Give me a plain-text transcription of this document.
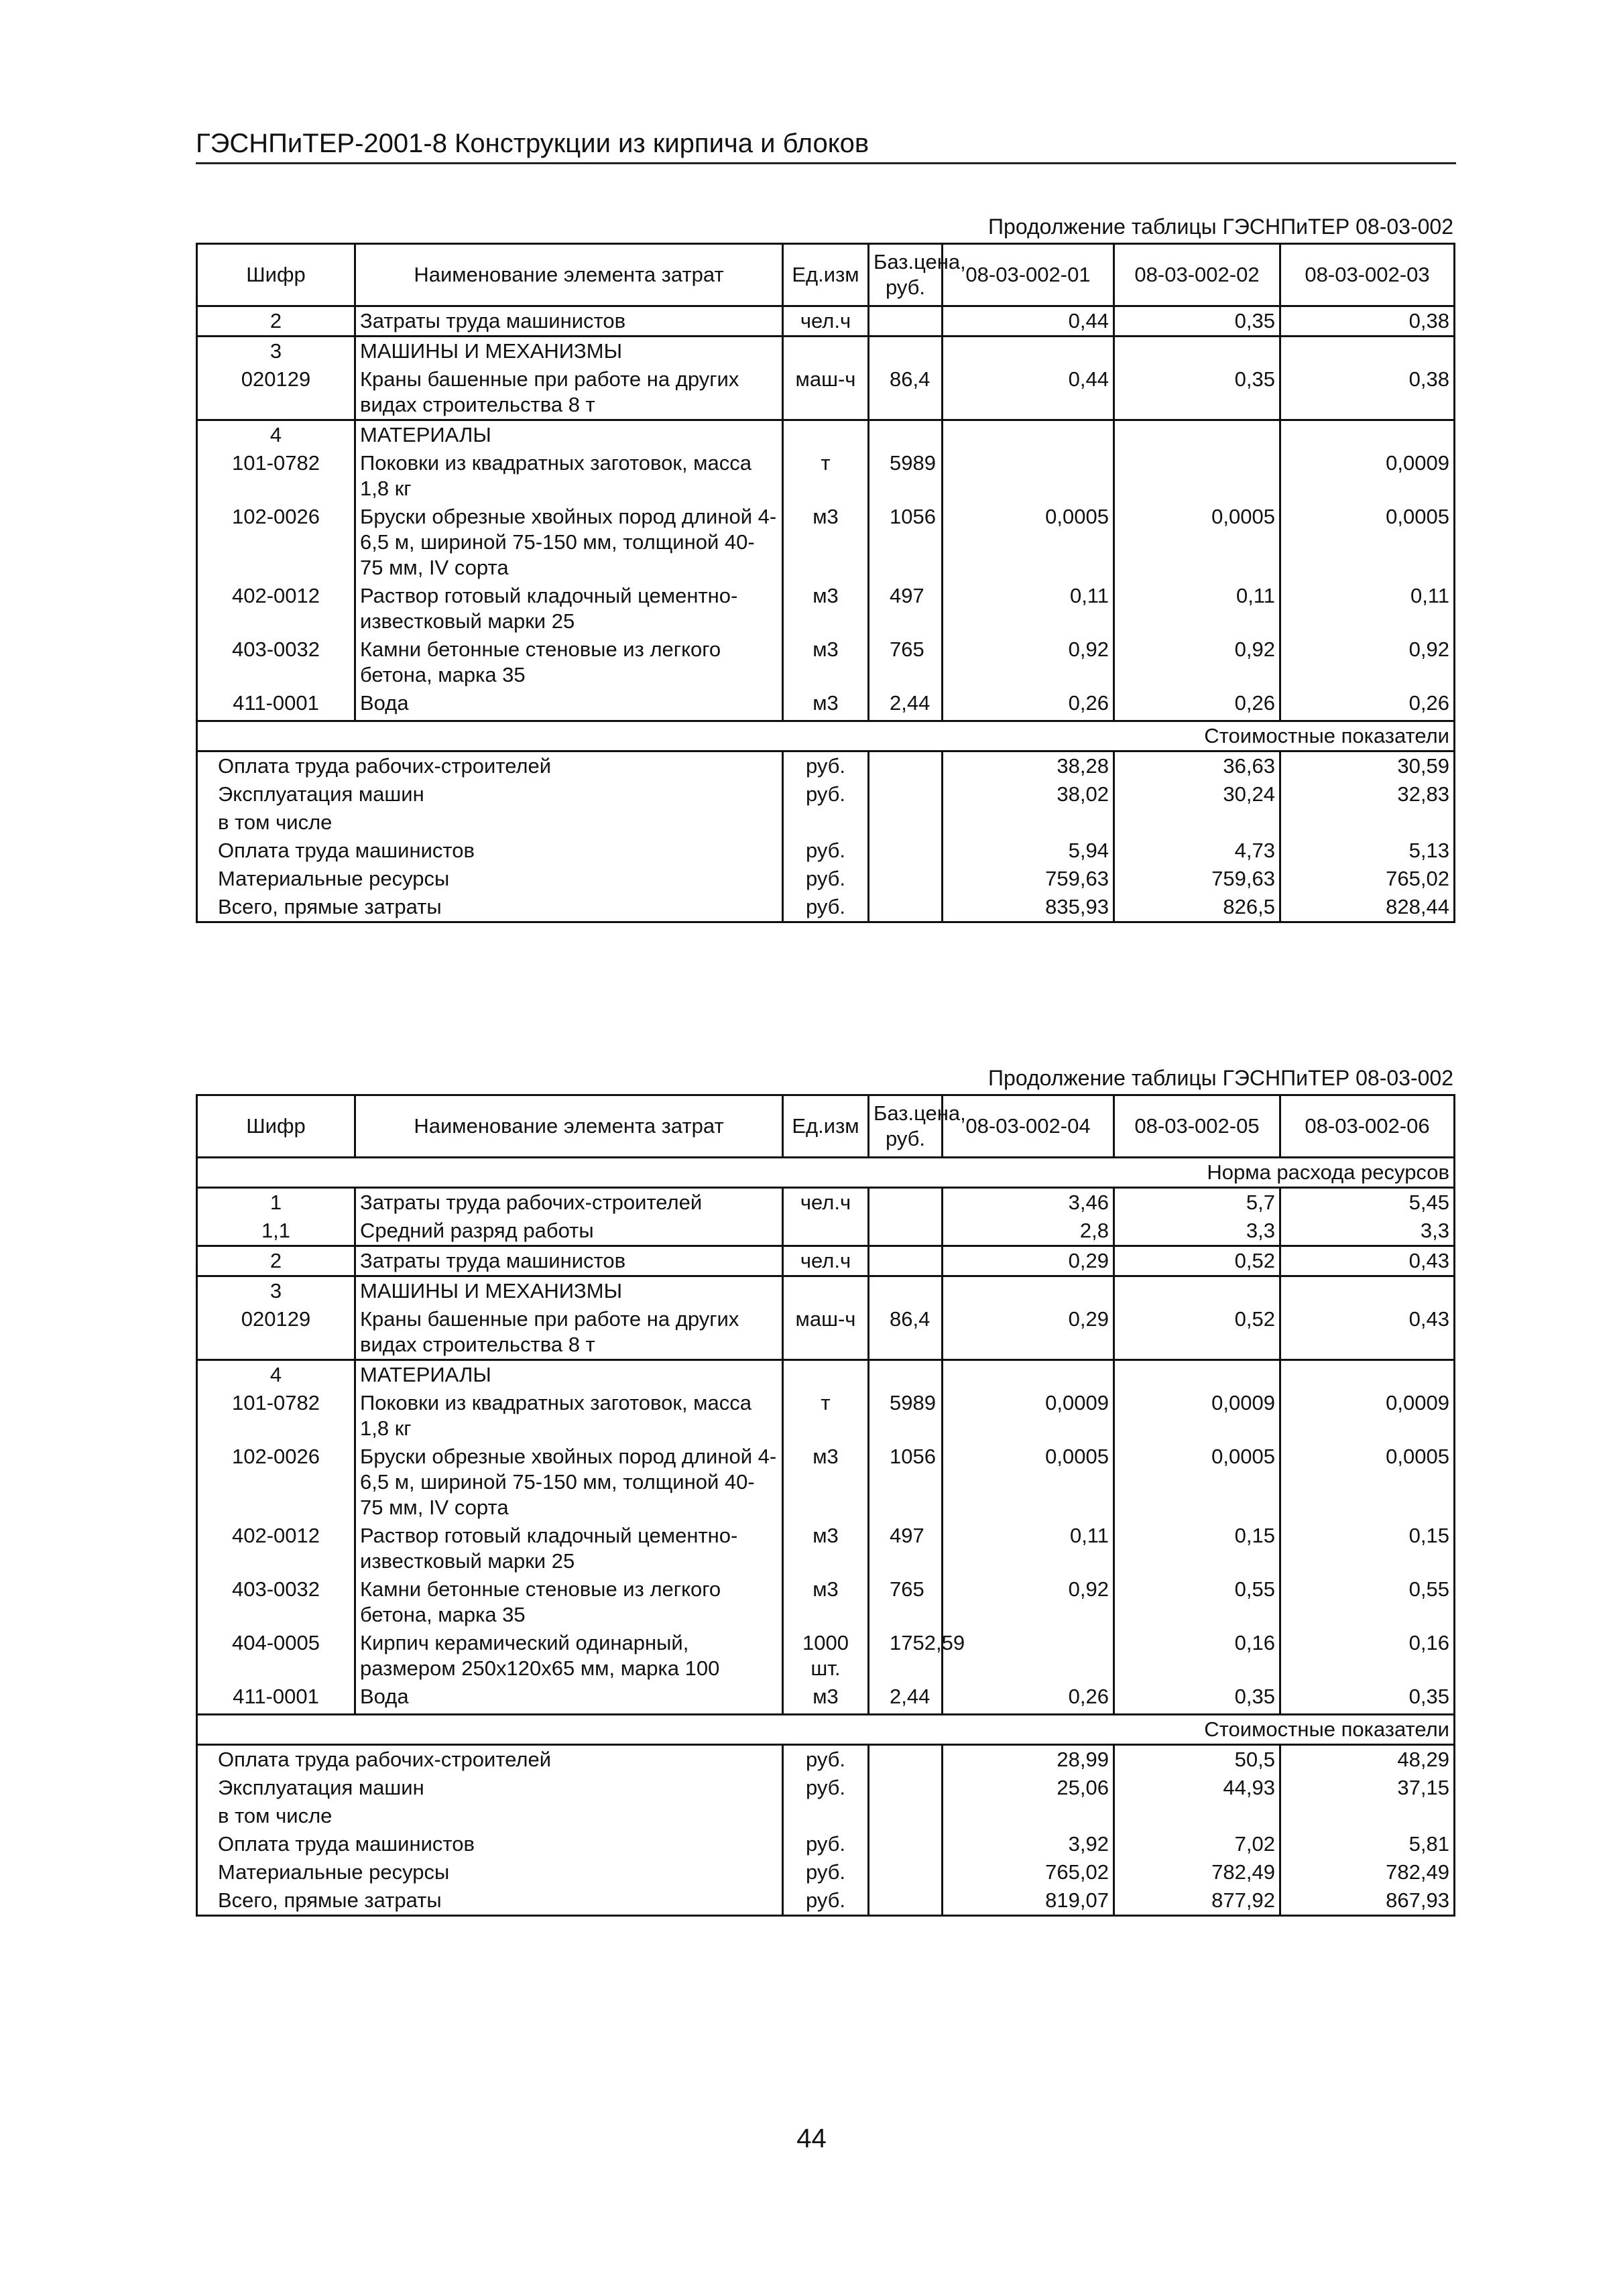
ГЭСНПиТЕР-2001-8 Конструкции из кирпича и блоков
Продолжение таблицы ГЭСНПиТЕР 08-03-002
Шифр	Наименование элемента затрат	Ед.изм	Баз.цена, руб.	08-03-002-01	08-03-002-02	08-03-002-03
2	Затраты труда машинистов	чел.ч		0,44	0,35	0,38
3	МАШИНЫ И МЕХАНИЗМЫ					
020129	Краны башенные при работе на других видах строительства 8 т	маш-ч	86,4	0,44	0,35	0,38
4	МАТЕРИАЛЫ					
101-0782	Поковки из квадратных заготовок, масса 1,8 кг	т	5989			0,0009
102-0026	Бруски обрезные хвойных пород длиной 4-6,5 м, шириной 75-150 мм, толщиной 40-75 мм, IV сорта	м3	1056	0,0005	0,0005	0,0005
402-0012	Раствор готовый кладочный цементно-известковый марки 25	м3	497	0,11	0,11	0,11
403-0032	Камни бетонные стеновые из легкого бетона, марка 35	м3	765	0,92	0,92	0,92
411-0001	Вода	м3	2,44	0,26	0,26	0,26

Стоимостные показатели						
Оплата труда рабочих-строителей		руб.		38,28	36,63	30,59
Эксплуатация машин		руб.		38,02	30,24	32,83
в том числе						
Оплата труда машинистов		руб.		5,94	4,73	5,13
Материальные ресурсы		руб.		759,63	759,63	765,02
Всего, прямые затраты		руб.		835,93	826,5	828,44
Продолжение таблицы ГЭСНПиТЕР 08-03-002
Шифр	Наименование элемента затрат	Ед.изм	Баз.цена, руб.	08-03-002-04	08-03-002-05	08-03-002-06
Норма расхода ресурсов						
1	Затраты труда рабочих-строителей	чел.ч		3,46	5,7	5,45
1,1	Средний разряд работы			2,8	3,3	3,3
2	Затраты труда машинистов	чел.ч		0,29	0,52	0,43
3	МАШИНЫ И МЕХАНИЗМЫ					
020129	Краны башенные при работе на других видах строительства 8 т	маш-ч	86,4	0,29	0,52	0,43
4	МАТЕРИАЛЫ					
101-0782	Поковки из квадратных заготовок, масса 1,8 кг	т	5989	0,0009	0,0009	0,0009
102-0026	Бруски обрезные хвойных пород длиной 4-6,5 м, шириной 75-150 мм, толщиной 40-75 мм, IV сорта	м3	1056	0,0005	0,0005	0,0005
402-0012	Раствор готовый кладочный цементно-известковый марки 25	м3	497	0,11	0,15	0,15
403-0032	Камни бетонные стеновые из легкого бетона, марка 35	м3	765	0,92	0,55	0,55
404-0005	Кирпич керамический одинарный, размером 250х120х65 мм, марка 100	1000 шт.	1752,59		0,16	0,16
411-0001	Вода	м3	2,44	0,26	0,35	0,35

Стоимостные показатели						
Оплата труда рабочих-строителей		руб.		28,99	50,5	48,29
Эксплуатация машин		руб.		25,06	44,93	37,15
в том числе						
Оплата труда машинистов		руб.		3,92	7,02	5,81
Материальные ресурсы		руб.		765,02	782,49	782,49
Всего, прямые затраты		руб.		819,07	877,92	867,93
44
